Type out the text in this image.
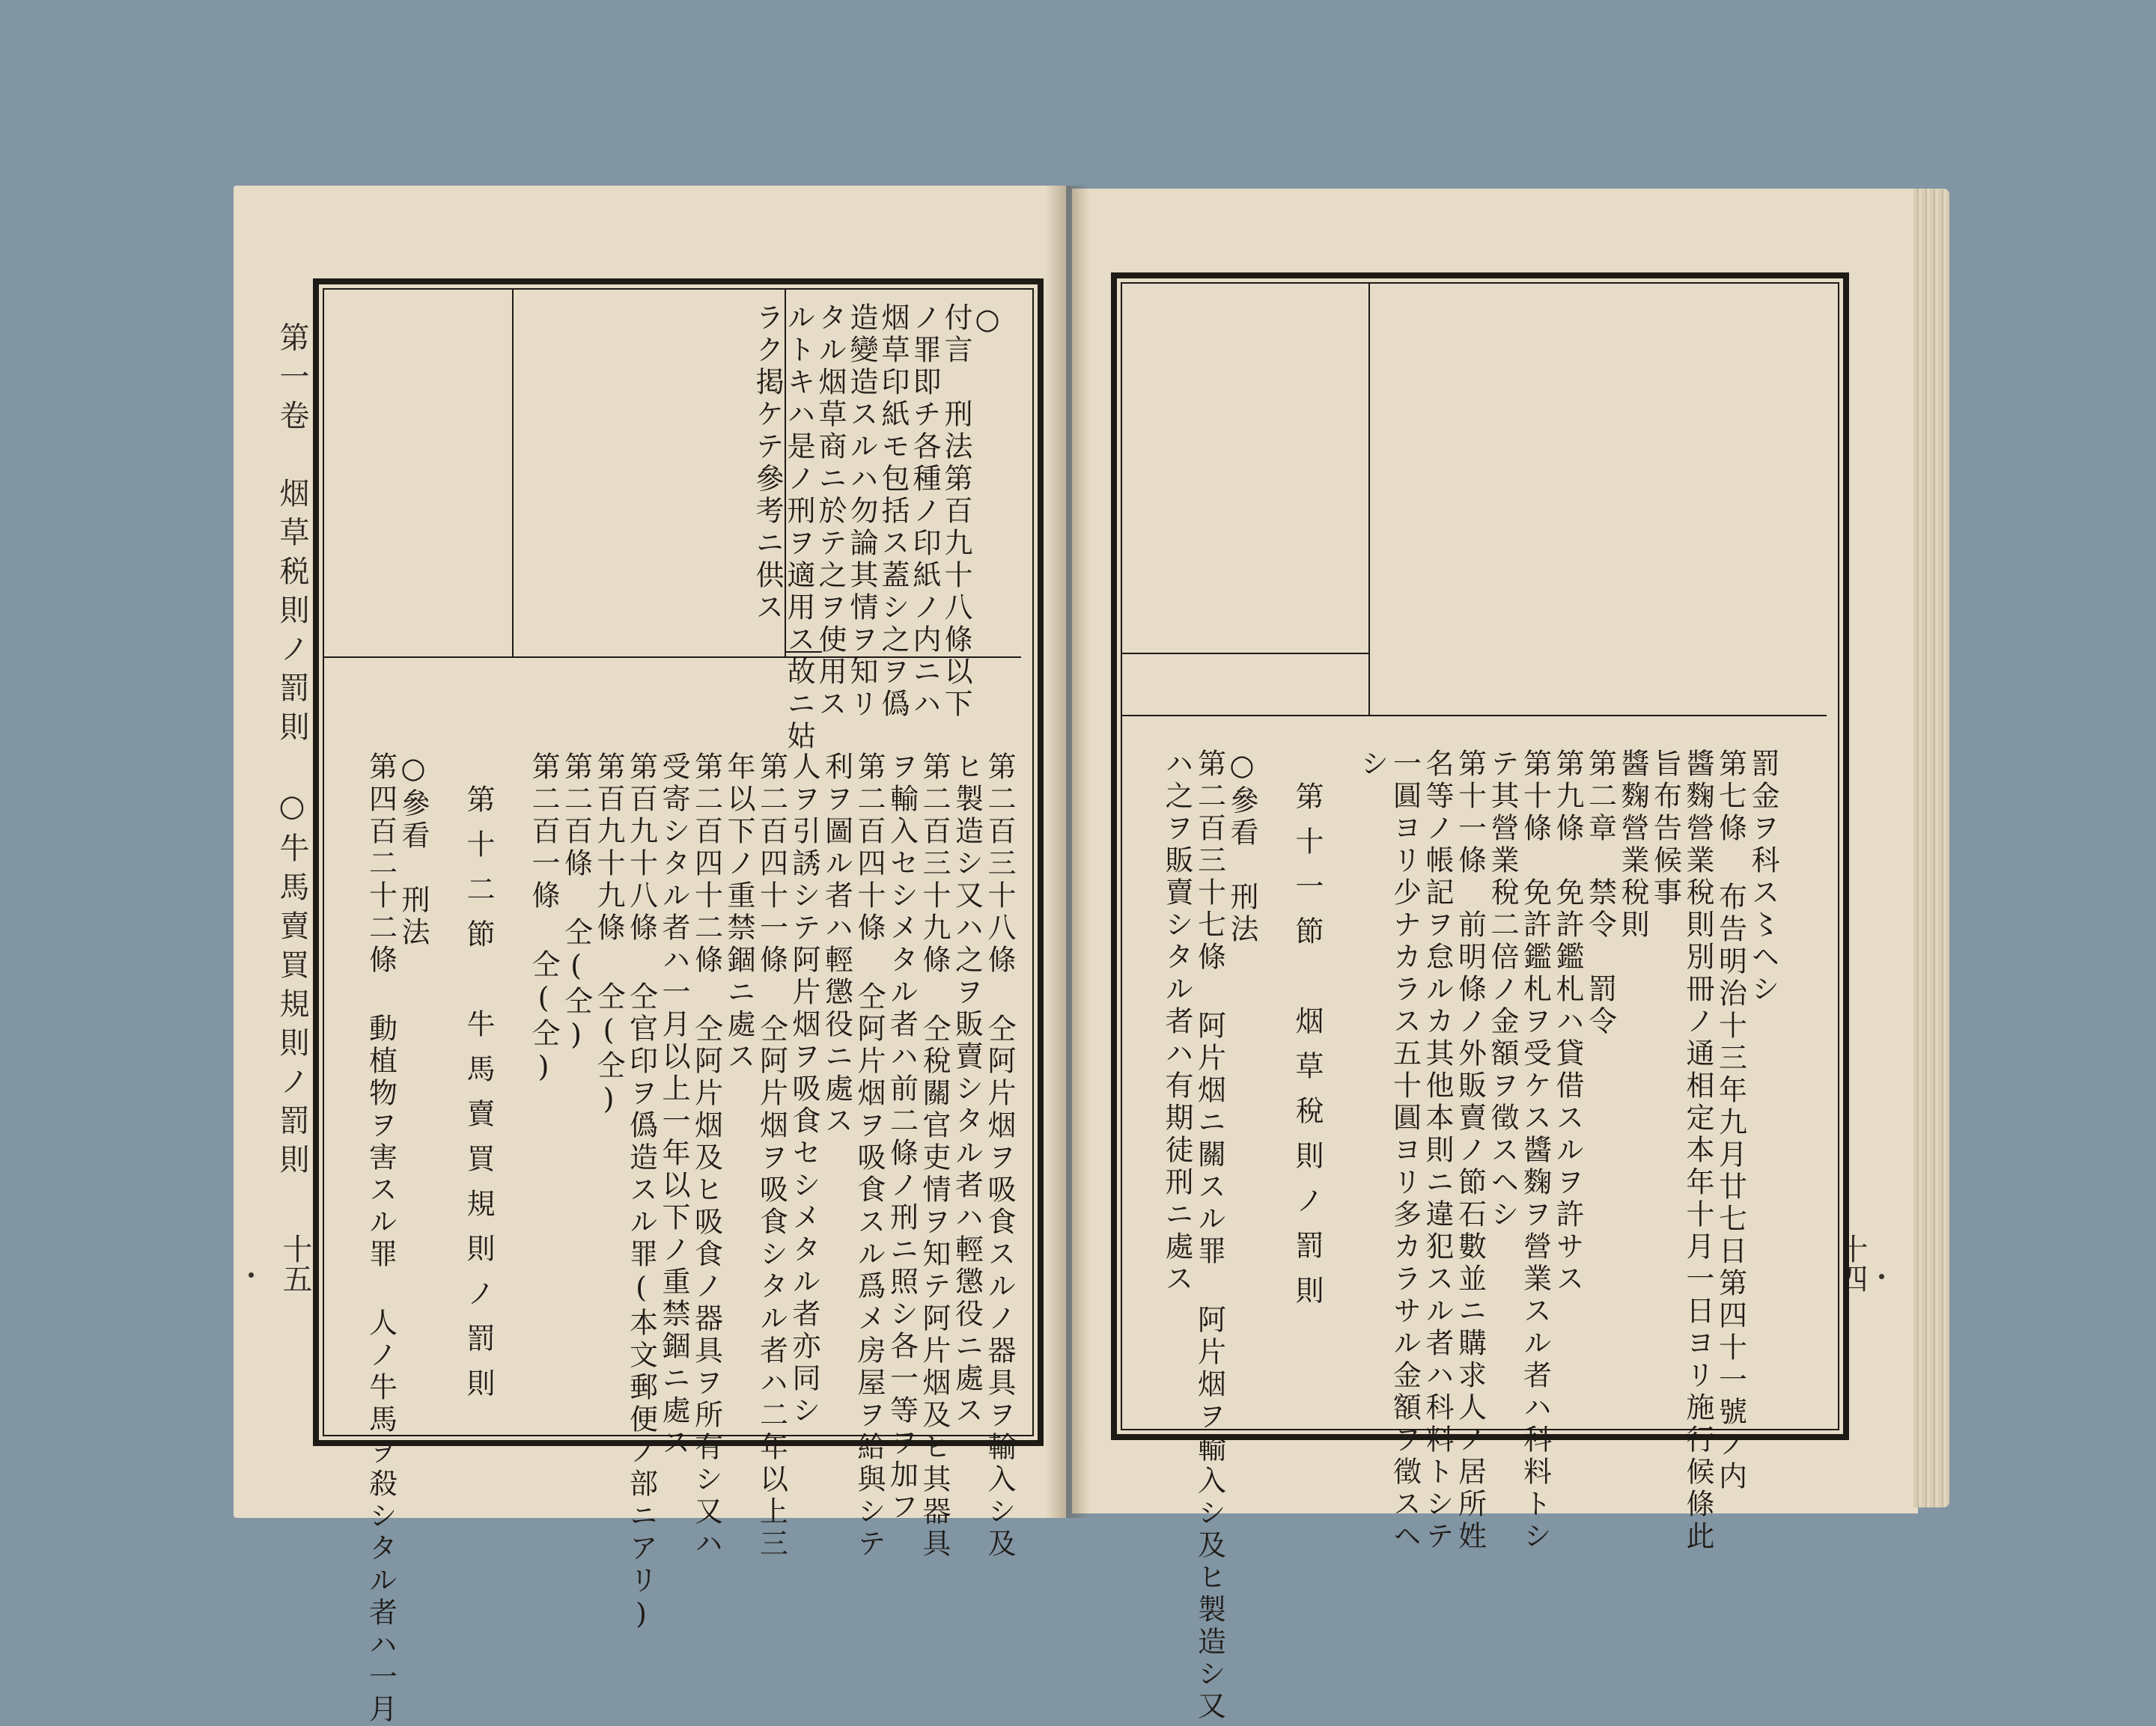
第一卷　烟草税則ノ罰則　○牛馬賣買規則ノ罰則
十五
○
付言　刑法第百九十八條以下
ノ罪即チ各種ノ印紙ノ内ニハ
烟草印紙モ包括ス蓋シ之ヲ僞
造變造スルハ勿論其情ヲ知リ
タル烟草商ニ於テ之ヲ使用ス
ルトキハ是ノ刑ヲ適用ス故ニ姑
ラク掲ケテ參考ニ供ス
第二百三十八條 仝阿片烟ヲ吸食スルノ器具ヲ輸入シ及
ヒ製造シ又ハ之ヲ販賣シタル者ハ輕懲役ニ處ス
第二百三十九條 仝稅關官吏情ヲ知テ阿片烟及ヒ其器具
ヲ輸入セシメタル者ハ前二條ノ刑ニ照シ各一等ヲ加フ
第二百四十條 仝阿片烟ヲ吸食スル爲メ房屋ヲ給與シテ
利ヲ圖ル者ハ輕懲役ニ處ス
人ヲ引誘シテ阿片烟ヲ吸食セシメタル者亦同シ
第二百四十一條 仝阿片烟ヲ吸食シタル者ハ二年以上三
年以下ノ重禁錮ニ處ス
第二百四十二條 仝阿片烟及ヒ吸食ノ器具ヲ所有シ又ハ
受寄シタル者ハ一月以上一年以下ノ重禁錮ニ處ス
第百九十八條 仝官印ヲ僞造スル罪(本文郵便ノ部ニアリ)
第百九十九條 仝(仝)
第二百條 仝(仝)
第二百一條 仝(仝)
第十二節　牛馬賣買規則ノ罰則
○參看　刑法
第四百二十二條 動植物ヲ害スル罪 人ノ牛馬ヲ殺シタル者ハ一月	十四
罰金ヲ科ス〻ヘシ
第七條 布告明治十三年九月廿七日第四十一號ノ内
醬麴營業稅則別冊ノ通相定本年十月一日ヨリ施行候條此
旨布告候事
醬麴營業稅則
第二章　禁令　罰令
第九條　免許鑑札ハ貸借スルヲ許サス
第十條　免許鑑札ヲ受ケス醬麴ヲ營業スル者ハ科料トシ
テ其營業稅二倍ノ金額ヲ徵スヘシ
第十一條　前明條ノ外販賣ノ節石數並ニ購求人ノ居所姓
名等ノ帳記ヲ怠ルカ其他本則ニ違犯スル者ハ科料トシテ
一圓ヨリ少ナカラス五十圓ヨリ多カラサル金額ヲ徵スヘ
シ
第十一節　烟草稅則ノ罰則
○參看　刑法
第二百三十七條 阿片烟ニ關スル罪 阿片烟ヲ輸入シ及ヒ製造シ又
ハ之ヲ販賣シタル者ハ有期徒刑ニ處ス
